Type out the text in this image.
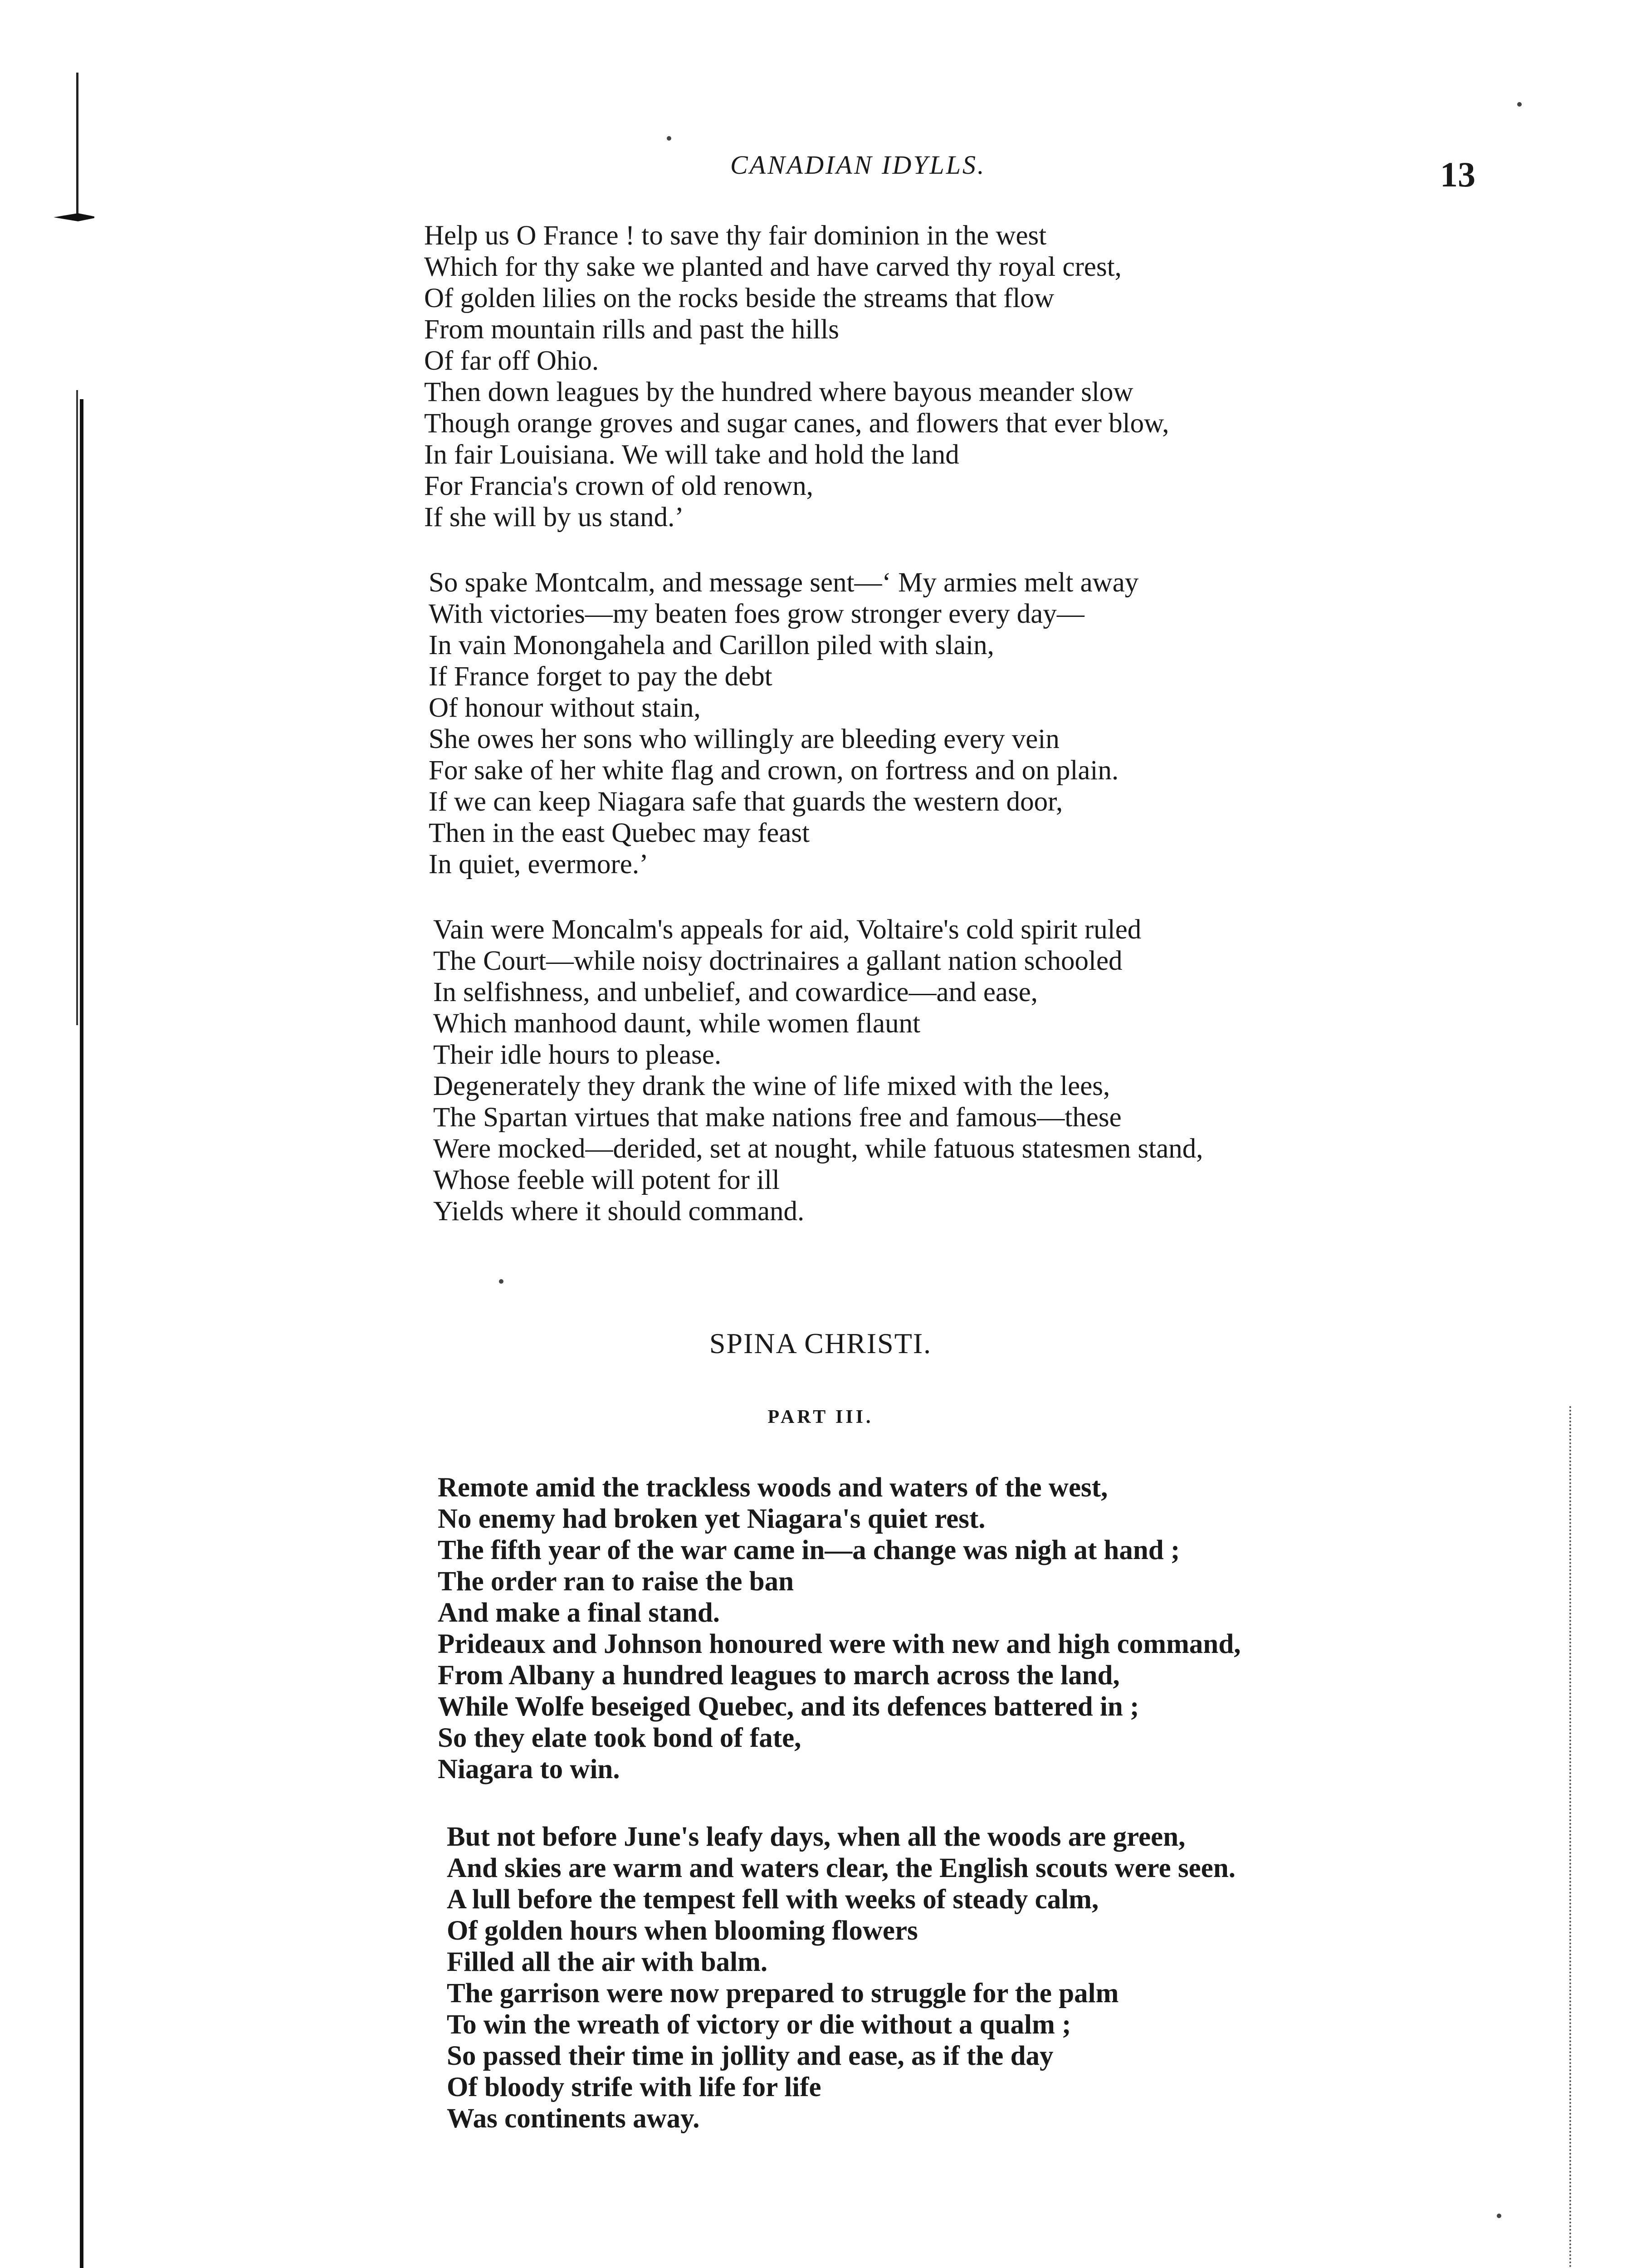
CANADIAN IDYLLS.	13
Help us O France ! to save thy fair dominion in the west
Which for thy sake we planted and have carved thy royal crest,
Of golden lilies on the rocks beside the streams that flow
From mountain rills and past the hills
Of far off Ohio.
Then down leagues by the hundred where bayous meander slow
Though orange groves and sugar canes, and flowers that ever blow,
In fair Louisiana. We will take and hold the land
For Francia's crown of old renown,
If she will by us stand.’
So spake Montcalm, and message sent—‘ My armies melt away
With victories—my beaten foes grow stronger every day—
In vain Monongahela and Carillon piled with slain,
If France forget to pay the debt
Of honour without stain,
She owes her sons who willingly are bleeding every vein
For sake of her white flag and crown, on fortress and on plain.
If we can keep Niagara safe that guards the western door,
Then in the east Quebec may feast
In quiet, evermore.’
Vain were Moncalm's appeals for aid, Voltaire's cold spirit ruled
The Court—while noisy doctrinaires a gallant nation schooled
In selfishness, and unbelief, and cowardice—and ease,
Which manhood daunt, while women flaunt
Their idle hours to please.
Degenerately they drank the wine of life mixed with the lees,
The Spartan virtues that make nations free and famous—these
Were mocked—derided, set at nought, while fatuous statesmen stand,
Whose feeble will potent for ill
Yields where it should command.
SPINA CHRISTI.
PART III.
Remote amid the trackless woods and waters of the west,
No enemy had broken yet Niagara's quiet rest.
The fifth year of the war came in—a change was nigh at hand ;
The order ran to raise the ban
And make a final stand.
Prideaux and Johnson honoured were with new and high command,
From Albany a hundred leagues to march across the land,
While Wolfe beseiged Quebec, and its defences battered in ;
So they elate took bond of fate,
Niagara to win.
But not before June's leafy days, when all the woods are green,
And skies are warm and waters clear, the English scouts were seen.
A lull before the tempest fell with weeks of steady calm,
Of golden hours when blooming flowers
Filled all the air with balm.
The garrison were now prepared to struggle for the palm
To win the wreath of victory or die without a qualm ;
So passed their time in jollity and ease, as if the day
Of bloody strife with life for life
Was continents away.
